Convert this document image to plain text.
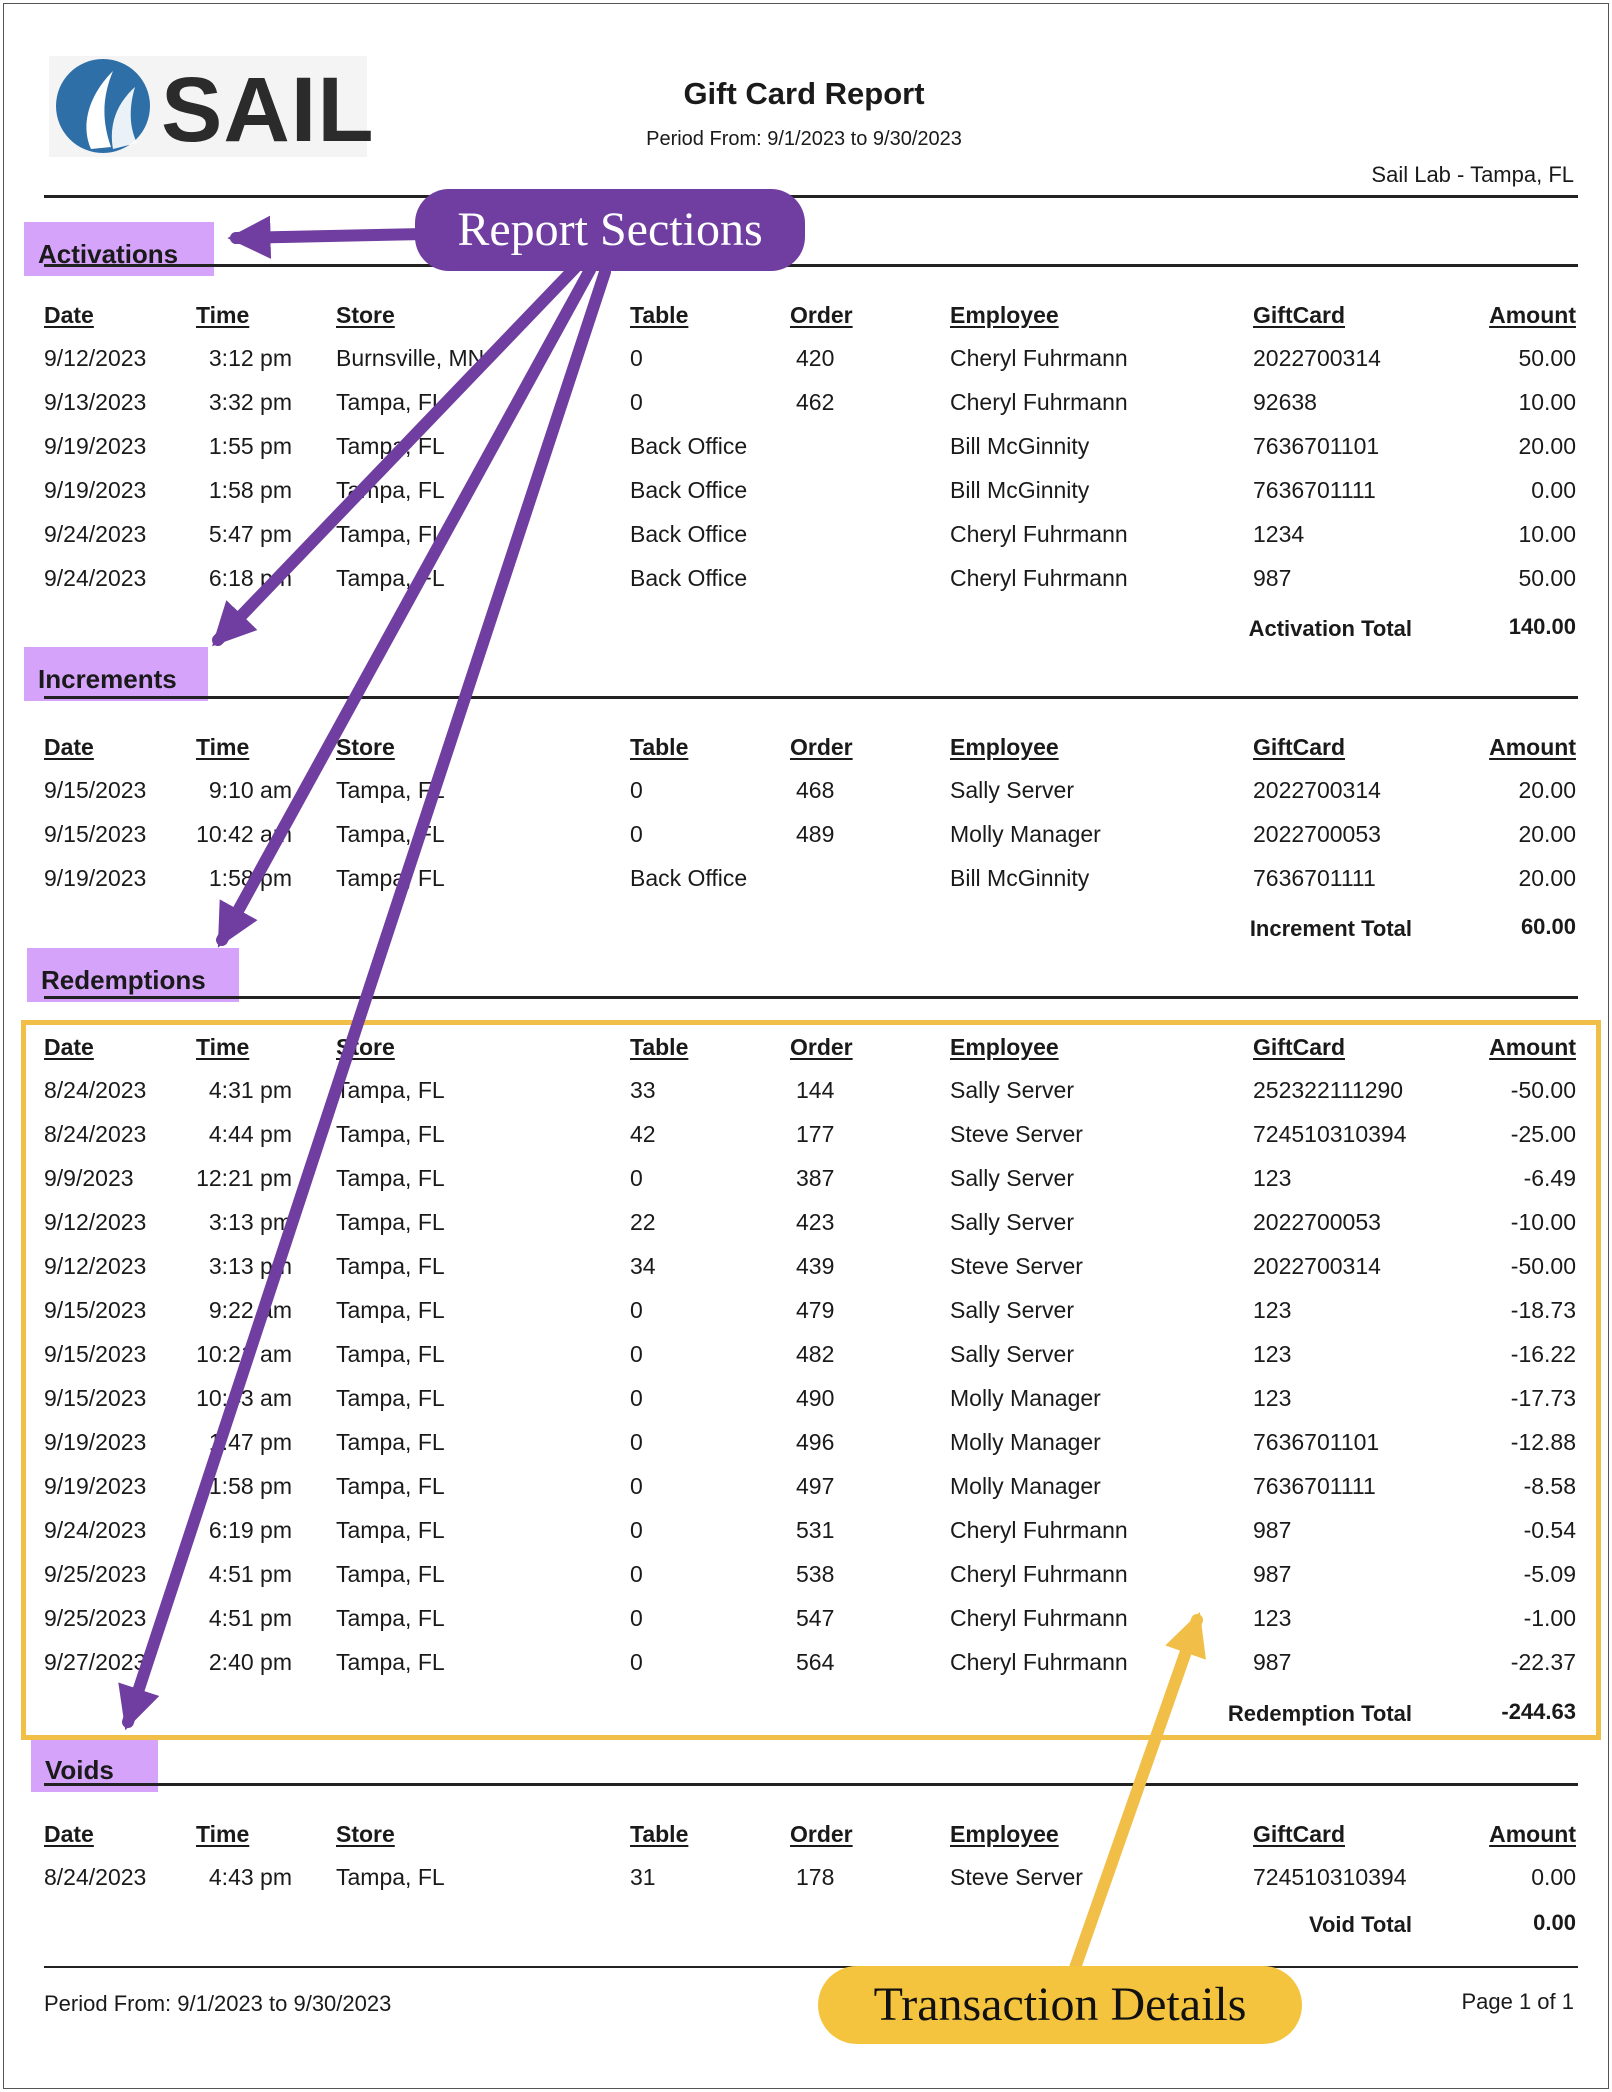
SAIL	Gift Card Report
Period From: 9/1/2023 to 9/30/2023
Sail Lab - Tampa, FL
Activations
Date	Time	Store	Table	Order	Employee	GiftCard	Amount
9/12/2023	3:12 pm Burnsville, MN	0	420	Cheryl Fuhrmann	2022700314	50.00
9/13/2023	3:32 pm Tampa, FL	0	462	Cheryl Fuhrmann	92638	10.00
9/19/2023	1:55 pm Tampa, FL	Back Office	Bill McGinnity	7636701101	20.00
9/19/2023	1:58 pm Tampa, FL	Back Office	Bill McGinnity	7636701111	0.00
9/24/2023	5:47 pm Tampa, FL	Back Office	Cheryl Fuhrmann	1234	10.00
9/24/2023	6:18 pm Tampa, FL	Back Office	Cheryl Fuhrmann	987	50.00
Activation Total	140.00
Increments
Date	Time	Store	Table	Order	Employee	GiftCard	Amount
9/15/2023	9:10 am Tampa, FL	0	468	Sally Server	2022700314	20.00
9/15/2023 10:42 am Tampa, FL	0	489	Molly Manager	2022700053	20.00
9/19/2023	1:58 pm Tampa, FL	Back Office	Bill McGinnity	7636701111	20.00
Increment Total	60.00
Redemptions
Date	Time	Store	Table	Order	Employee	GiftCard	Amount
8/24/2023	4:31 pm Tampa, FL	33	144	Sally Server	252322111290	-50.00
8/24/2023	4:44 pm Tampa, FL	42	177	Steve Server	724510310394	-25.00
9/9/2023	12:21 pm Tampa, FL	0	387	Sally Server	123	-6.49
9/12/2023	3:13 pm Tampa, FL	22	423	Sally Server	2022700053	-10.00
9/12/2023	3:13 pm Tampa, FL	34	439	Steve Server	2022700314	-50.00
9/15/2023	9:22 am Tampa, FL	0	479	Sally Server	123	-18.73
9/15/2023 10:21 am Tampa, FL	0	482	Sally Server	123	-16.22
9/15/2023 10:43 am Tampa, FL	0	490	Molly Manager	123	-17.73
9/19/2023	1:47 pm Tampa, FL	0	496	Molly Manager	7636701101	-12.88
9/19/2023	1:58 pm Tampa, FL	0	497	Molly Manager	7636701111	-8.58
9/24/2023	6:19 pm Tampa, FL	0	531	Cheryl Fuhrmann	987	-0.54
9/25/2023	4:51 pm Tampa, FL	0	538	Cheryl Fuhrmann	987	-5.09
9/25/2023	4:51 pm Tampa, FL	0	547	Cheryl Fuhrmann	123	-1.00
9/27/2023	2:40 pm Tampa, FL	0	564	Cheryl Fuhrmann	987	-22.37
Redemption Total	-244.63
Voids
Date	Time	Store	Table	Order	Employee	GiftCard	Amount
8/24/2023	4:43 pm Tampa, FL	31	178	Steve Server	724510310394	0.00
Void Total	0.00
Period From: 9/1/2023 to 9/30/2023	Page 1 of 1
Report Sections
Transaction Details
